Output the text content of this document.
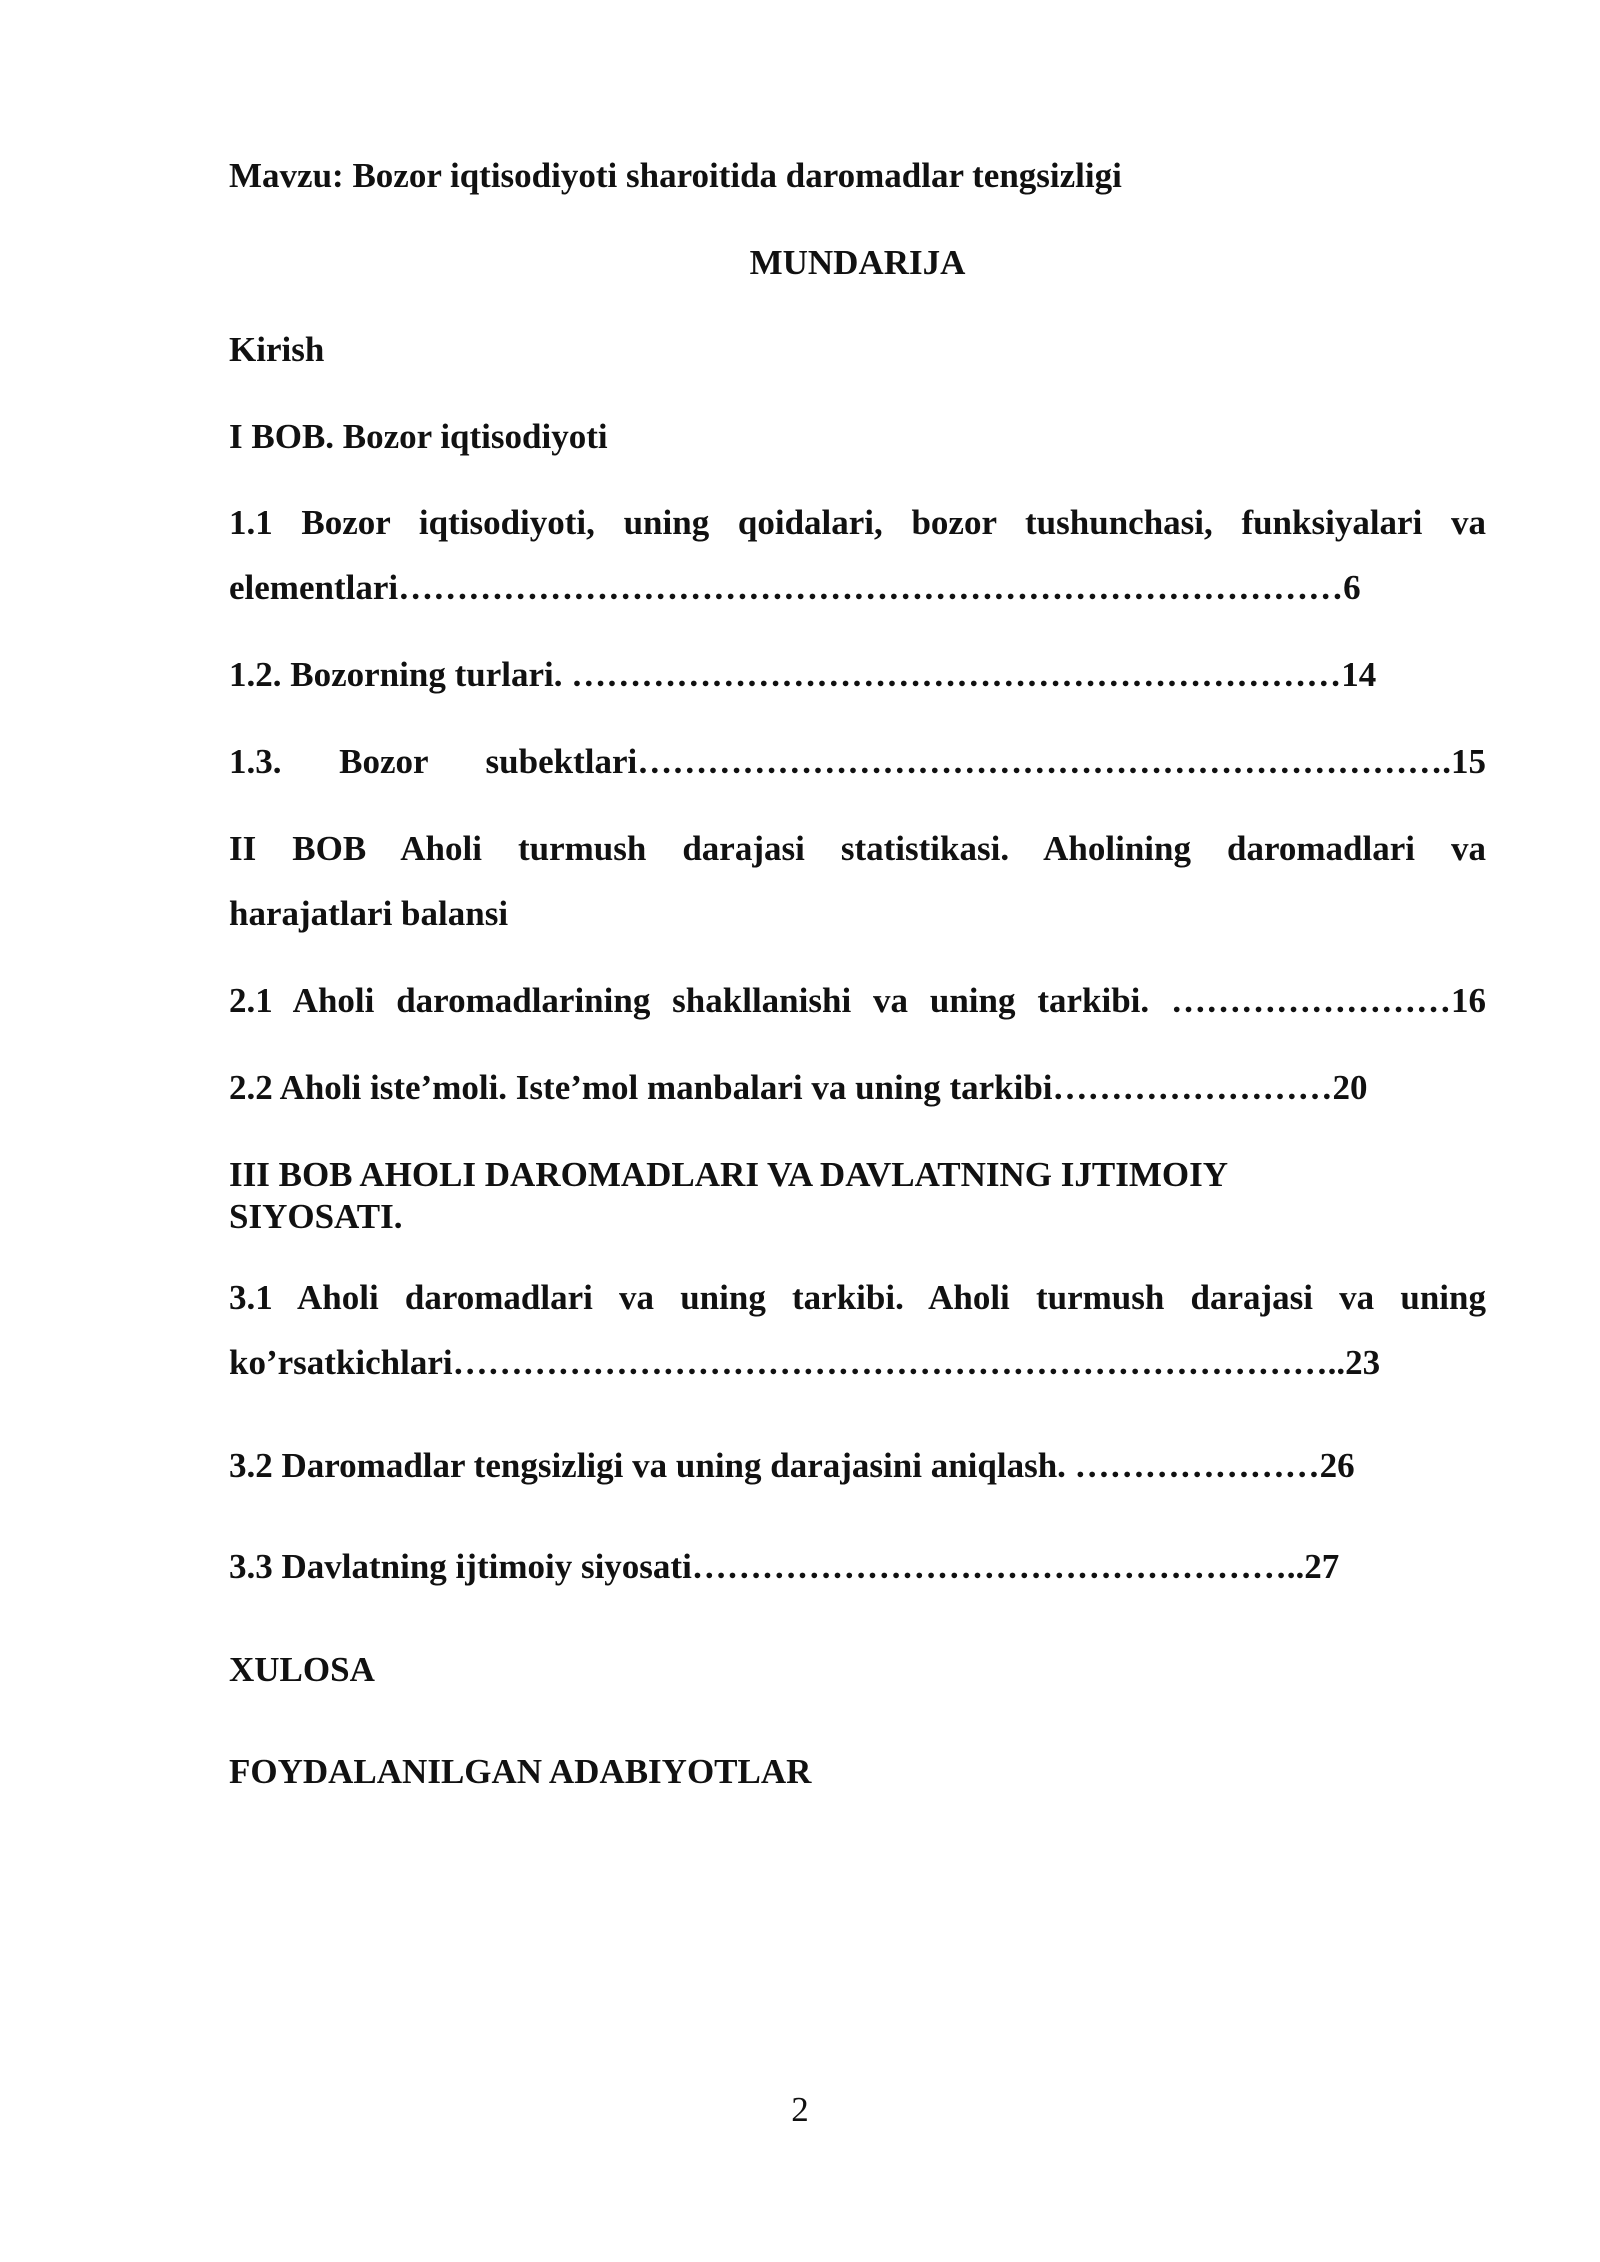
Mavzu: Bozor iqtisodiyoti sharoitida daromadlar tengsizligi
MUNDARIJA
Kirish
I BOB. Bozor iqtisodiyoti
1.1 Bozor iqtisodiyoti, uning qoidalari, bozor tushunchasi, funksiyalari va
elementlari………………………………………………………………………6
1.2. Bozorning turlari. …………………………………………………………14
1.3. Bozor subektlari…………………………………………………………….15
II BOB Aholi turmush darajasi statistikasi. Aholining daromadlari va
harajatlari balansi
2.1 Aholi daromadlarining shakllanishi va uning tarkibi. ……………………16
2.2 Aholi iste’moli. Iste’mol manbalari va uning tarkibi……………………20
III BOB AHOLI DAROMADLARI VA DAVLATNING IJTIMOIY
SIYOSATI.
3.1 Aholi daromadlari va uning tarkibi. Aholi turmush darajasi va uning
ko’rsatkichlari…………………………………………………………………..23
3.2 Daromadlar tengsizligi va uning darajasini aniqlash. …………………26
3.3 Davlatning ijtimoiy siyosati……………………………………………..27
XULOSA
FOYDALANILGAN ADABIYOTLAR
2
